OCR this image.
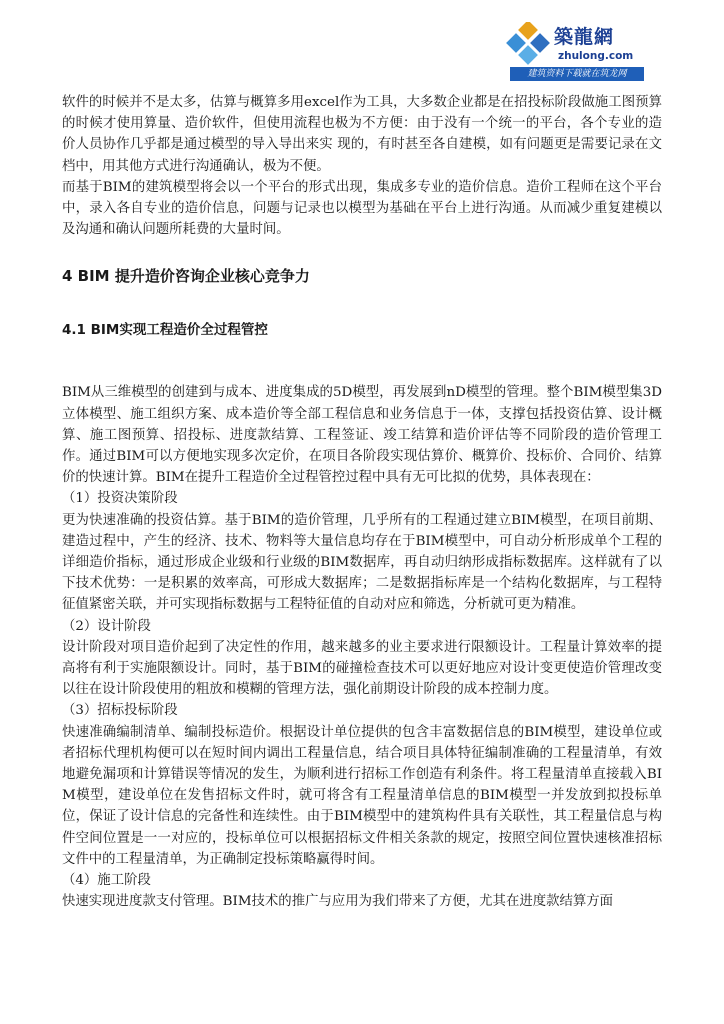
築龍網
zhulong.com
建筑资料下载就在筑龙网

软件的时候并不是太多，估算与概算多用excel作为工具，大多数企业都是在招投标阶段做施工图预算的时候才使用算量、造价软件，但使用流程也极为不方便：由于没有一个统一的平台，各个专业的造价人员协作几乎都是通过模型的导入导出来实 现的，有时甚至各自建模，如有问题更是需要记录在文档中，用其他方式进行沟通确认，极为不便。

而基于BIM的建筑模型将会以一个平台的形式出现，集成多专业的造价信息。造价工程师在这个平台中，录入各自专业的造价信息，问题与记录也以模型为基础在平台上进行沟通。从而减少重复建模以及沟通和确认问题所耗费的大量时间。

4 BIM 提升造价咨询企业核心竞争力
4.1 BIM实现工程造价全过程管控

BIM从三维模型的创建到与成本、进度集成的5D模型，再发展到nD模型的管理。整个BIM模型集3D立体模型、施工组织方案、成本造价等全部工程信息和业务信息于一体，支撑包括投资估算、设计概算、施工图预算、招投标、进度款结算、工程签证、竣工结算和造价评估等不同阶段的造价管理工作。通过BIM可以方便地实现多次定价，在项目各阶段实现估算价、概算价、投标价、合同价、结算价的快速计算。BIM在提升工程造价全过程管控过程中具有无可比拟的优势，具体表现在：

（1）投资决策阶段

更为快速准确的投资估算。基于BIM的造价管理，几乎所有的工程通过建立BIM模型，在项目前期、建造过程中，产生的经济、技术、物料等大量信息均存在于BIM模型中，可自动分析形成单个工程的详细造价指标，通过形成企业级和行业级的BIM数据库，再自动归纳形成指标数据库。这样就有了以下技术优势：一是积累的效率高，可形成大数据库；二是数据指标库是一个结构化数据库，与工程特征值紧密关联，并可实现指标数据与工程特征值的自动对应和筛选，分析就可更为精准。

（2）设计阶段

设计阶段对项目造价起到了决定性的作用，越来越多的业主要求进行限额设计。工程量计算效率的提高将有利于实施限额设计。同时，基于BIM的碰撞检查技术可以更好地应对设计变更使造价管理改变以往在设计阶段使用的粗放和模糊的管理方法，强化前期设计阶段的成本控制力度。

（3）招标投标阶段

快速准确编制清单、编制投标造价。根据设计单位提供的包含丰富数据信息的BIM模型，建设单位或者招标代理机构便可以在短时间内调出工程量信息，结合项目具体特征编制准确的工程量清单，有效地避免漏项和计算错误等情况的发生，为顺利进行招标工作创造有利条件。将工程量清单直接载入BIM模型，建设单位在发售招标文件时，就可将含有工程量清单信息的BIM模型一并发放到拟投标单位，保证了设计信息的完备性和连续性。由于BIM模型中的建筑构件具有关联性，其工程量信息与构件空间位置是一一对应的，投标单位可以根据招标文件相关条款的规定，按照空间位置快速核准招标文件中的工程量清单，为正确制定投标策略赢得时间。

（4）施工阶段

快速实现进度款支付管理。BIM技术的推广与应用为我们带来了方便，尤其在进度款结算方面
